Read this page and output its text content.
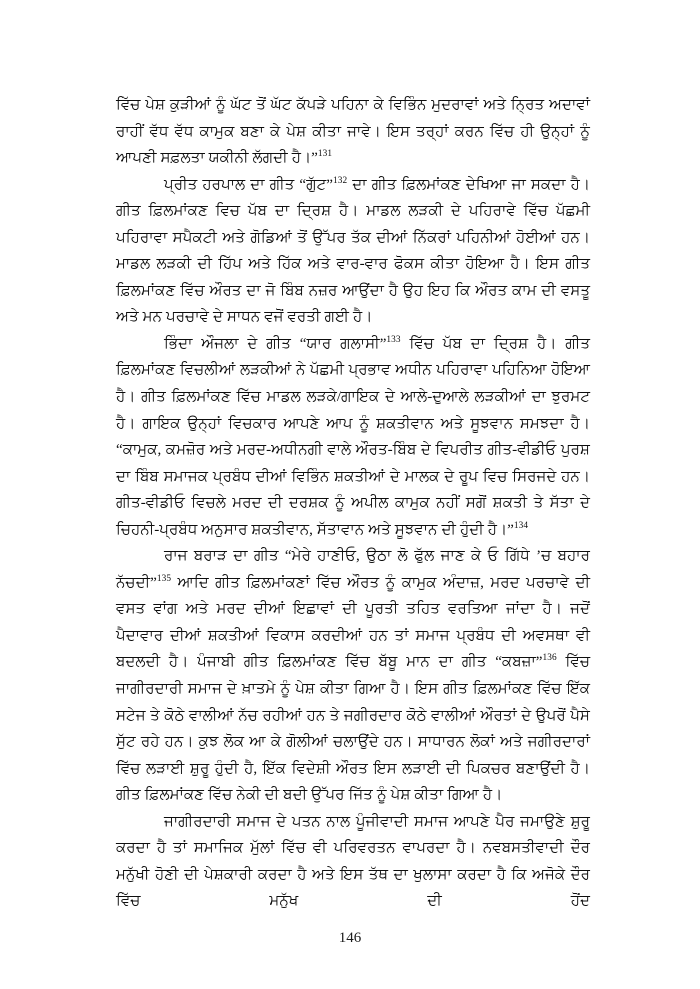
ਵਿੱਚ ਪੇਸ਼ ਕੁੜੀਆਂ ਨੂੰ ਘੱਟ ਤੋਂ ਘੱਟ ਕੱਪੜੇ ਪਹਿਨਾ ਕੇ ਵਿਭਿੰਨ ਮੁਦਰਾਵਾਂ ਅਤੇ ਨ੍ਰਿਤ ਅਦਾਵਾਂ ਰਾਹੀਂ ਵੱਧ ਵੱਧ ਕਾਮੁਕ ਬਣਾ ਕੇ ਪੇਸ਼ ਕੀਤਾ ਜਾਵੇ। ਇਸ ਤਰ੍ਹਾਂ ਕਰਨ ਵਿੱਚ ਹੀ ਉਨ੍ਹਾਂ ਨੂੰ ਆਪਣੀ ਸਫ਼ਲਤਾ ਯਕੀਨੀ ਲੱਗਦੀ ਹੈ।”$^{131}$

ਪ੍ਰੀਤ ਹਰਪਾਲ ਦਾ ਗੀਤ “ਗੁੱਟ”$^{132}$ ਦਾ ਗੀਤ ਫ਼ਿਲਮਾਂਕਣ ਦੇਖਿਆ ਜਾ ਸਕਦਾ ਹੈ। ਗੀਤ ਫ਼ਿਲਮਾਂਕਣ ਵਿਚ ਪੱਬ ਦਾ ਦ੍ਰਿਸ਼ ਹੈ। ਮਾਡਲ ਲੜਕੀ ਦੇ ਪਹਿਰਾਵੇ ਵਿੱਚ ਪੱਛਮੀ ਪਹਿਰਾਵਾ ਸਪੈਕਟੀ ਅਤੇ ਗੋਡਿਆਂ ਤੋਂ ਉੱਪਰ ਤੱਕ ਦੀਆਂ ਨਿੱਕਰਾਂ ਪਹਿਨੀਆਂ ਹੋਈਆਂ ਹਨ। ਮਾਡਲ ਲੜਕੀ ਦੀ ਹਿੱਪ ਅਤੇ ਹਿੱਕ ਅਤੇ ਵਾਰ-ਵਾਰ ਫੋਕਸ ਕੀਤਾ ਹੋਇਆ ਹੈ। ਇਸ ਗੀਤ ਫ਼ਿਲਮਾਂਕਣ ਵਿੱਚ ਔਰਤ ਦਾ ਜੋ ਬਿੰਬ ਨਜ਼ਰ ਆਉਂਦਾ ਹੈ ਉਹ ਇਹ ਕਿ ਔਰਤ ਕਾਮ ਦੀ ਵਸਤੂ ਅਤੇ ਮਨ ਪਰਚਾਵੇ ਦੇ ਸਾਧਨ ਵਜੋਂ ਵਰਤੀ ਗਈ ਹੈ।

ਭਿੰਦਾ ਔਜਲਾ ਦੇ ਗੀਤ “ਯਾਰ ਗਲਾਸੀ”$^{133}$ ਵਿੱਚ ਪੱਬ ਦਾ ਦ੍ਰਿਸ਼ ਹੈ। ਗੀਤ ਫ਼ਿਲਮਾਂਕਣ ਵਿਚਲੀਆਂ ਲੜਕੀਆਂ ਨੇ ਪੱਛਮੀ ਪ੍ਰਭਾਵ ਅਧੀਨ ਪਹਿਰਾਵਾ ਪਹਿਨਿਆ ਹੋਇਆ ਹੈ। ਗੀਤ ਫ਼ਿਲਮਾਂਕਣ ਵਿੱਚ ਮਾਡਲ ਲੜਕੇ/ਗਾਇਕ ਦੇ ਆਲੇ-ਦੁਆਲੇ ਲੜਕੀਆਂ ਦਾ ਝੁਰਮਟ ਹੈ। ਗਾਇਕ ਉਨ੍ਹਾਂ ਵਿਚਕਾਰ ਆਪਣੇ ਆਪ ਨੂੰ ਸ਼ਕਤੀਵਾਨ ਅਤੇ ਸੂਝਵਾਨ ਸਮਝਦਾ ਹੈ। “ਕਾਮੁਕ, ਕਮਜ਼ੋਰ ਅਤੇ ਮਰਦ-ਅਧੀਨਗੀ ਵਾਲੇ ਔਰਤ-ਬਿੰਬ ਦੇ ਵਿਪਰੀਤ ਗੀਤ-ਵੀਡੀਓ ਪੁਰਸ਼ ਦਾ ਬਿੰਬ ਸਮਾਜਕ ਪ੍ਰਬੰਧ ਦੀਆਂ ਵਿਭਿੰਨ ਸ਼ਕਤੀਆਂ ਦੇ ਮਾਲਕ ਦੇ ਰੂਪ ਵਿਚ ਸਿਰਜਦੇ ਹਨ। ਗੀਤ-ਵੀਡੀਓ ਵਿਚਲੇ ਮਰਦ ਦੀ ਦਰਸ਼ਕ ਨੂੰ ਅਪੀਲ ਕਾਮੁਕ ਨਹੀਂ ਸਗੋਂ ਸ਼ਕਤੀ ਤੇ ਸੱਤਾ ਦੇ ਚਿਹਨੀ-ਪ੍ਰਬੰਧ ਅਨੁਸਾਰ ਸ਼ਕਤੀਵਾਨ, ਸੱਤਾਵਾਨ ਅਤੇ ਸੂਝਵਾਨ ਦੀ ਹੁੰਦੀ ਹੈ।”$^{134}$

ਰਾਜ ਬਰਾੜ ਦਾ ਗੀਤ “ਮੇਰੇ ਹਾਣੀਓ, ਉਠਾ ਲੋ ਫੁੱਲ ਜਾਣ ਕੇ ਓ ਗਿੱਧੇ ’ਚ ਬਹਾਰ ਨੱਚਦੀ”$^{135}$ ਆਦਿ ਗੀਤ ਫ਼ਿਲਮਾਂਕਣਾਂ ਵਿੱਚ ਔਰਤ ਨੂੰ ਕਾਮੁਕ ਅੰਦਾਜ਼, ਮਰਦ ਪਰਚਾਵੇ ਦੀ ਵਸਤ ਵਾਂਗ ਅਤੇ ਮਰਦ ਦੀਆਂ ਇਛਾਵਾਂ ਦੀ ਪੂਰਤੀ ਤਹਿਤ ਵਰਤਿਆ ਜਾਂਦਾ ਹੈ। ਜਦੋਂ ਪੈਦਾਵਾਰ ਦੀਆਂ ਸ਼ਕਤੀਆਂ ਵਿਕਾਸ ਕਰਦੀਆਂ ਹਨ ਤਾਂ ਸਮਾਜ ਪ੍ਰਬੰਧ ਦੀ ਅਵਸਥਾ ਵੀ ਬਦਲਦੀ ਹੈ। ਪੰਜਾਬੀ ਗੀਤ ਫ਼ਿਲਮਾਂਕਣ ਵਿੱਚ ਬੱਬੂ ਮਾਨ ਦਾ ਗੀਤ “ਕਬਜ਼ਾ”$^{136}$ ਵਿੱਚ ਜਾਗੀਰਦਾਰੀ ਸਮਾਜ ਦੇ ਖ਼ਾਤਮੇ ਨੂੰ ਪੇਸ਼ ਕੀਤਾ ਗਿਆ ਹੈ। ਇਸ ਗੀਤ ਫ਼ਿਲਮਾਂਕਣ ਵਿੱਚ ਇੱਕ ਸਟੇਜ ਤੇ ਕੋਠੇ ਵਾਲੀਆਂ ਨੱਚ ਰਹੀਆਂ ਹਨ ਤੇ ਜਗੀਰਦਾਰ ਕੋਠੇ ਵਾਲੀਆਂ ਔਰਤਾਂ ਦੇ ਉਪਰੋਂ ਪੈਸੇ ਸੁੱਟ ਰਹੇ ਹਨ। ਕੁਝ ਲੋਕ ਆ ਕੇ ਗੋਲੀਆਂ ਚਲਾਉਂਦੇ ਹਨ। ਸਾਧਾਰਨ ਲੋਕਾਂ ਅਤੇ ਜਗੀਰਦਾਰਾਂ ਵਿੱਚ ਲੜਾਈ ਸ਼ੁਰੂ ਹੁੰਦੀ ਹੈ, ਇੱਕ ਵਿਦੇਸ਼ੀ ਔਰਤ ਇਸ ਲੜਾਈ ਦੀ ਪਿਕਚਰ ਬਣਾਉਂਦੀ ਹੈ। ਗੀਤ ਫ਼ਿਲਮਾਂਕਣ ਵਿੱਚ ਨੇਕੀ ਦੀ ਬਦੀ ਉੱਪਰ ਜਿੱਤ ਨੂੰ ਪੇਸ਼ ਕੀਤਾ ਗਿਆ ਹੈ।

ਜਾਗੀਰਦਾਰੀ ਸਮਾਜ ਦੇ ਪਤਨ ਨਾਲ ਪੂੰਜੀਵਾਦੀ ਸਮਾਜ ਆਪਣੇ ਪੈਰ ਜਮਾਉਣੇ ਸ਼ੁਰੂ ਕਰਦਾ ਹੈ ਤਾਂ ਸਮਾਜਿਕ ਮੁੱਲਾਂ ਵਿੱਚ ਵੀ ਪਰਿਵਰਤਨ ਵਾਪਰਦਾ ਹੈ। ਨਵਬਸਤੀਵਾਦੀ ਦੌਰ ਮਨੁੱਖੀ ਹੋਣੀ ਦੀ ਪੇਸ਼ਕਾਰੀ ਕਰਦਾ ਹੈ ਅਤੇ ਇਸ ਤੱਥ ਦਾ ਖੁਲਾਸਾ ਕਰਦਾ ਹੈ ਕਿ ਅਜੋਕੇ ਦੌਰ ਵਿੱਚ ਮਨੁੱਖ ਦੀ ਹੋਂਦ

146
